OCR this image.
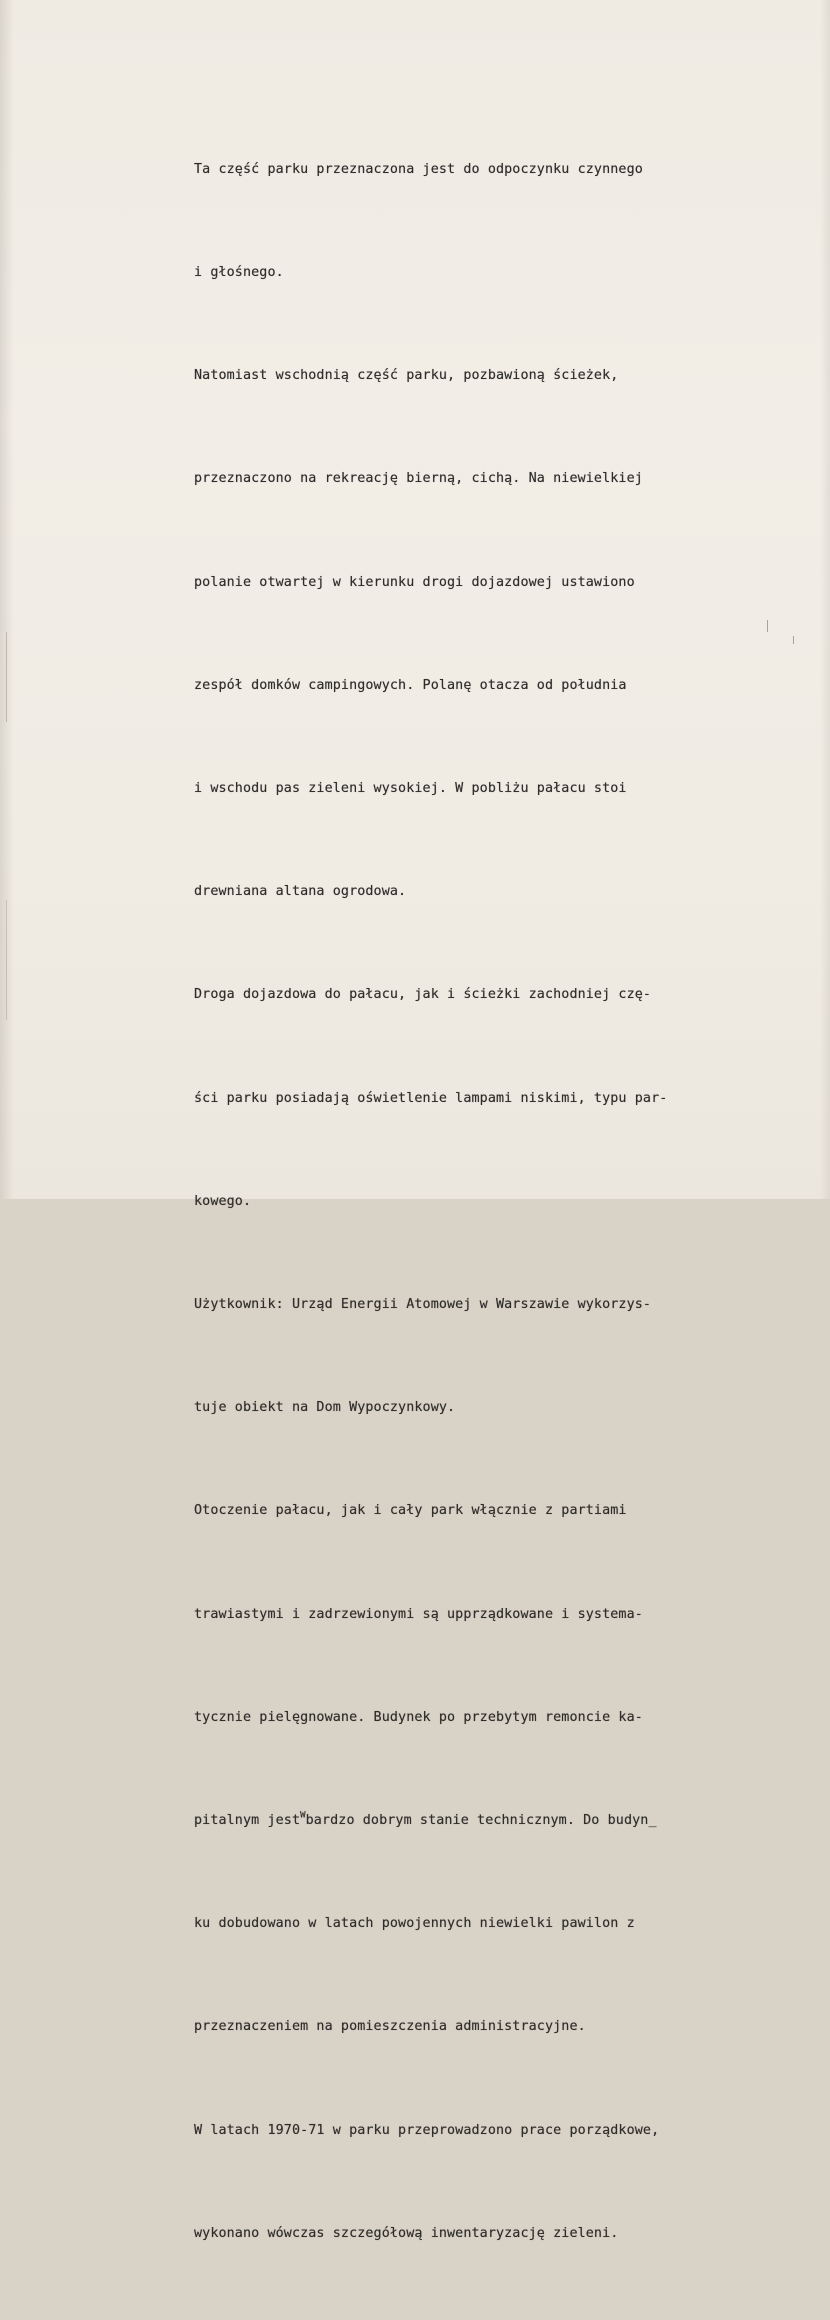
Ta część parku przeznaczona jest do odpoczynku czynnego

i głośnego.

Natomiast wschodnią część parku, pozbawioną ścieżek,

przeznaczono na rekreację bierną, cichą. Na niewielkiej

polanie otwartej w kierunku drogi dojazdowej ustawiono

zespół domków campingowych. Polanę otacza od południa

i wschodu pas zieleni wysokiej. W pobliżu pałacu stoi

drewniana altana ogrodowa.

Droga dojazdowa do pałacu, jak i ścieżki zachodniej czę-

ści parku posiadają oświetlenie lampami niskimi, typu par-

kowego.

Użytkownik: Urząd Energii Atomowej w Warszawie wykorzys-

tuje obiekt na Dom Wypoczynkowy.

Otoczenie pałacu, jak i cały park włącznie z partiami

trawiastymi i zadrzewionymi są upprządkowane i systema-

tycznie pielęgnowane. Budynek po przebytym remoncie ka-

pitalnym jest$^W$bardzo dobrym stanie technicznym. Do budyn_

ku dobudowano w latach powojennych niewielki pawilon z

przeznaczeniem na pomieszczenia administracyjne.

W latach 1970-71 w parku przeprowadzono prace porządkowe,

wykonano wówczas szczegółową inwentaryzację zieleni.
